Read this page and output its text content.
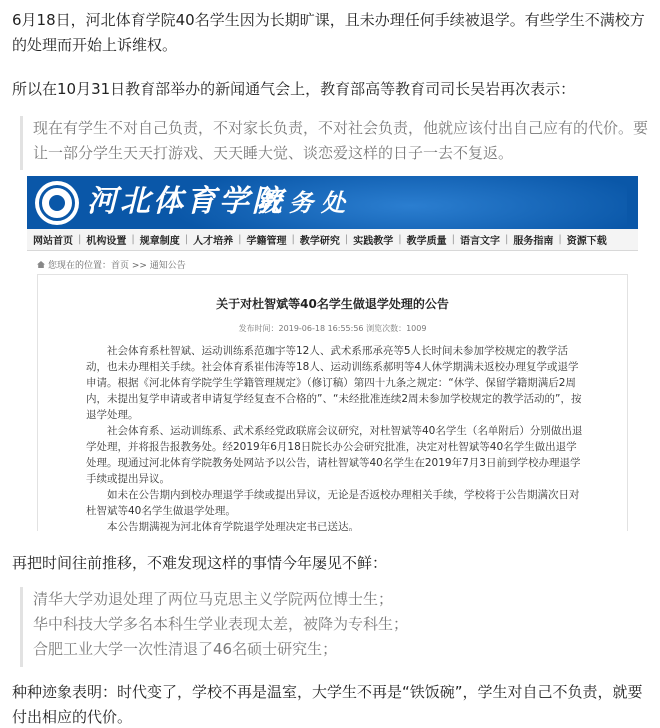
6月18日，河北体育学院40名学生因为长期旷课，且未办理任何手续被退学。有些学生不满校方的处理而开始上诉维权。

所以在10月31日教育部举办的新闻通气会上，教育部高等教育司司长吴岩再次表示：

现在有学生不对自己负责，不对家长负责，不对社会负责，他就应该付出自己应有的代价。要让一部分学生天天打游戏、天天睡大觉、谈恋爱这样的日子一去不复返。
河北体育学院
教务处
网站首页 | 机构设置 | 规章制度 | 人才培养 | 学籍管理 | 教学研究 | 实践教学 | 教学质量 | 语言文字 | 服务指南 | 资源下载
您现在的位置：首页 >> 通知公告
关于对杜智斌等40名学生做退学处理的公告
发布时间：2019-06-18 16:55:56 浏览次数：1009
社会体育系杜智斌、运动训练系范珈宇等12人、武术系邢承亮等5人长时间未参加学校规定的教学活动，也未办理相关手续。社会体育系崔伟涛等18人、运动训练系郝明等4人休学期满未返校办理复学或退学申请。根据《河北体育学院学生学籍管理规定》（修订稿）第四十九条之规定：“休学、保留学籍期满后2周内，未提出复学申请或者申请复学经复查不合格的”、“未经批准连续2周未参加学校规定的教学活动的”，按退学处理。
社会体育系、运动训练系、武术系经党政联席会议研究，对杜智斌等40名学生（名单附后）分别做出退学处理，并将报告报教务处。经2019年6月18日院长办公会研究批准，决定对杜智斌等40名学生做出退学处理。现通过河北体育学院教务处网站予以公告，请杜智斌等40名学生在2019年7月3日前到学校办理退学手续或提出异议。
如未在公告期内到校办理退学手续或提出异议，无论是否返校办理相关手续，学校将于公告期满次日对杜智斌等40名学生做退学处理。
本公告期满视为河北体育学院退学处理决定书已送达。

再把时间往前推移，不难发现这样的事情今年屡见不鲜：

清华大学劝退处理了两位马克思主义学院两位博士生；
华中科技大学多名本科生学业表现太差，被降为专科生；
合肥工业大学一次性清退了46名硕士研究生；

种种迹象表明：时代变了，学校不再是温室，大学生不再是“铁饭碗”，学生对自己不负责，就要付出相应的代价。
